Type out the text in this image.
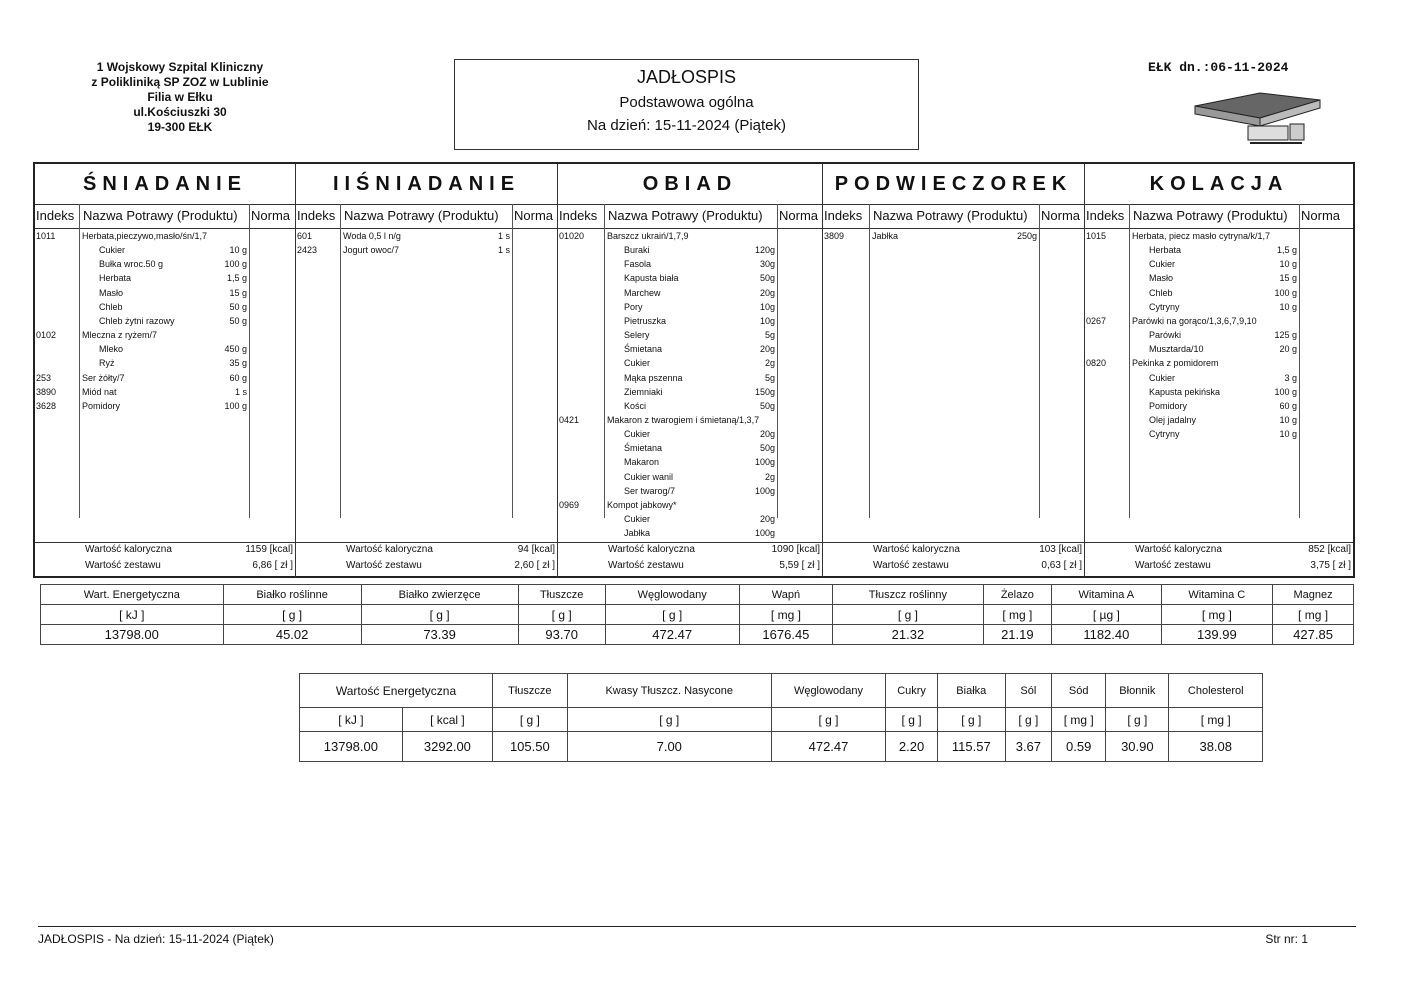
1 Wojskowy Szpital Kliniczny
z Polikliniką SP ZOZ w Lublinie
Filia w Ełku
ul.Kościuszki 30
19-300 EŁK
JADŁOSPIS
Podstawowa ogólna
Na dzień: 15-11-2024 (Piątek)
EŁK dn.:06-11-2024
ŚNIADANIE
Indeks Nazwa Potrawy (Produktu) Norma
1011	Herbata,pieczywo,masło/śn/1,7
Cukier	10 g
Bułka wroc.50 g	100 g
Herbata	1,5 g
Masło	15 g
Chleb	50 g
Chleb żytni razowy	50 g
0102	Mleczna z ryżem/7
Mleko	450 g
Ryż	35 g
253	Ser żółty/7	60 g
3890	Miód nat	1 s
3628	Pomidory	100 g
Wartość kaloryczna	1159 [kcal]
Wartość zestawu	6,86 [ zł ]
IIŚNIADANIE
Indeks Nazwa Potrawy (Produktu) Norma
601	Woda 0,5 l n/g	1 s
2423	Jogurt owoc/7	1 s
Wartość kaloryczna	94 [kcal]
Wartość zestawu	2,60 [ zł ]
OBIAD
Indeks Nazwa Potrawy (Produktu) Norma
01020	Barszcz ukraiń/1,7,9
Buraki	120g
Fasola	30g
Kapusta biała	50g
Marchew	20g
Pory	10g
Pietruszka	10g
Selery	5g
Śmietana	20g
Cukier	2g
Mąka pszenna	5g
Ziemniaki	150g
Kości	50g
0421	Makaron z twarogiem i śmietaną/1,3,7
Cukier	20g
Śmietana	50g
Makaron	100g
Cukier wanil	2g
Ser twarog/7	100g
0969	Kompot jabkowy*
Cukier	20g
Jabłka	100g
Wartość kaloryczna	1090 [kcal]
Wartość zestawu	5,59 [ zł ]
PODWIECZOREK
Indeks Nazwa Potrawy (Produktu) Norma
3809	Jabłka	250g
Wartość kaloryczna	103 [kcal]
Wartość zestawu	0,63 [ zł ]
KOLACJA
Indeks Nazwa Potrawy (Produktu) Norma
1015	Herbata, piecz masło cytryna/k/1,7
Herbata	1,5 g
Cukier	10 g
Masło	15 g
Chleb	100 g
Cytryny	10 g
0267	Parówki na gorąco/1,3,6,7,9,10
Parówki	125 g
Musztarda/10	20 g
0820	Pekinka z pomidorem
Cukier	3 g
Kapusta pekińska	100 g
Pomidory	60 g
Olej jadalny	10 g
Cytryny	10 g
Wartość kaloryczna	852 [kcal]
Wartość zestawu	3,75 [ zł ]
Wart. Energetyczna	Białko roślinne	Białko zwierzęce	Tłuszcze	Węglowodany	Wapń	Tłuszcz roślinny	Żelazo	Witamina A	Witamina C	Magnez
[ kJ ]	[ g ]	[ g ]	[ g ]	[ g ]	[ mg ]	[ g ]	[ mg ]	[ µg ]	[ mg ]	[ mg ]
13798.00	45.02	73.39	93.70	472.47	1676.45	21.32	21.19	1182.40	139.99	427.85
Wartość Energetyczna		Tłuszcze	Kwasy Tłuszcz. Nasycone	Węglowodany	Cukry	Białka	Sól	Sód	Błonnik	Cholesterol
[ kJ ]	[ kcal ]	[ g ]	[ g ]	[ g ]	[ g ]	[ g ]	[ g ]	[ mg ]	[ g ]	[ mg ]
13798.00	3292.00	105.50	7.00	472.47	2.20	115.57	3.67	0.59	30.90	38.08
JADŁOSPIS - Na dzień: 15-11-2024 (Piątek)	Str nr: 1
